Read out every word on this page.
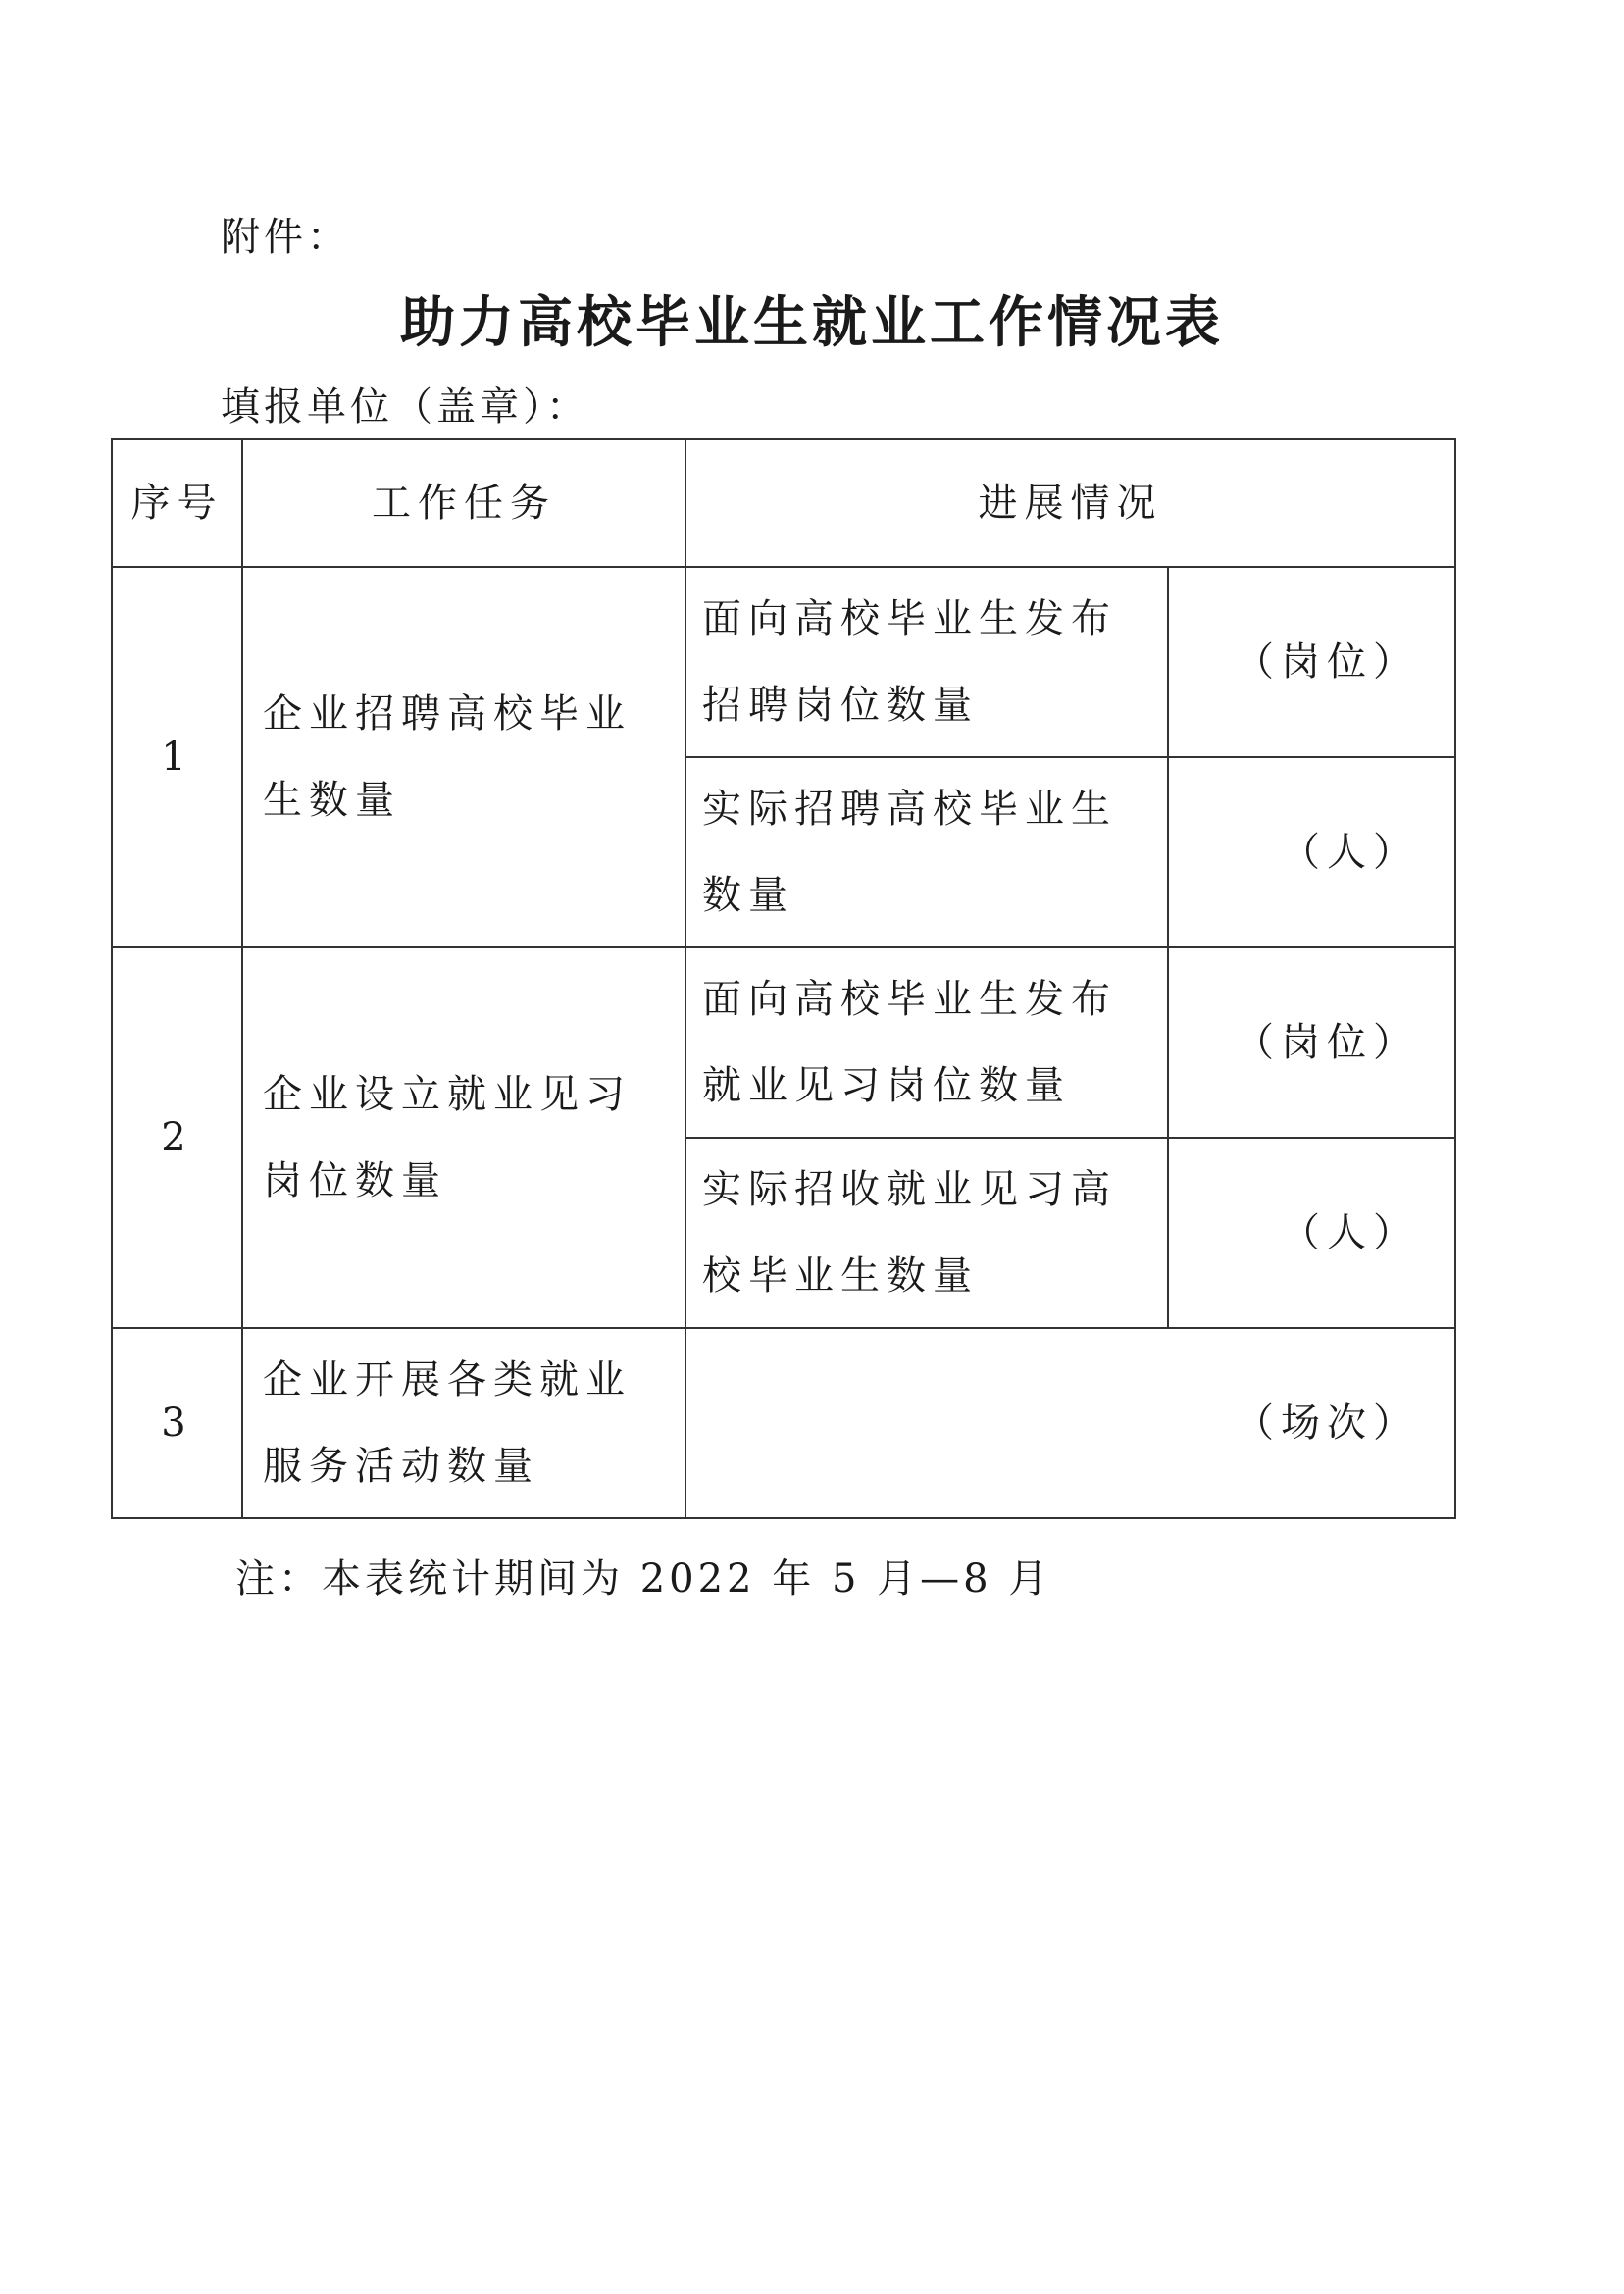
附件：
助力高校毕业生就业工作情况表
填报单位（盖章）：
序号	工作任务	进展情况	
1	企业招聘高校毕业生数量	面向高校毕业生发布招聘岗位数量	（岗位）
		实际招聘高校毕业生数量	（人）
2	企业设立就业见习岗位数量	面向高校毕业生发布就业见习岗位数量	（岗位）
		实际招收就业见习高校毕业生数量	（人）
3	企业开展各类就业服务活动数量	（场次）	
注：本表统计期间为 2022 年 5 月—8 月
